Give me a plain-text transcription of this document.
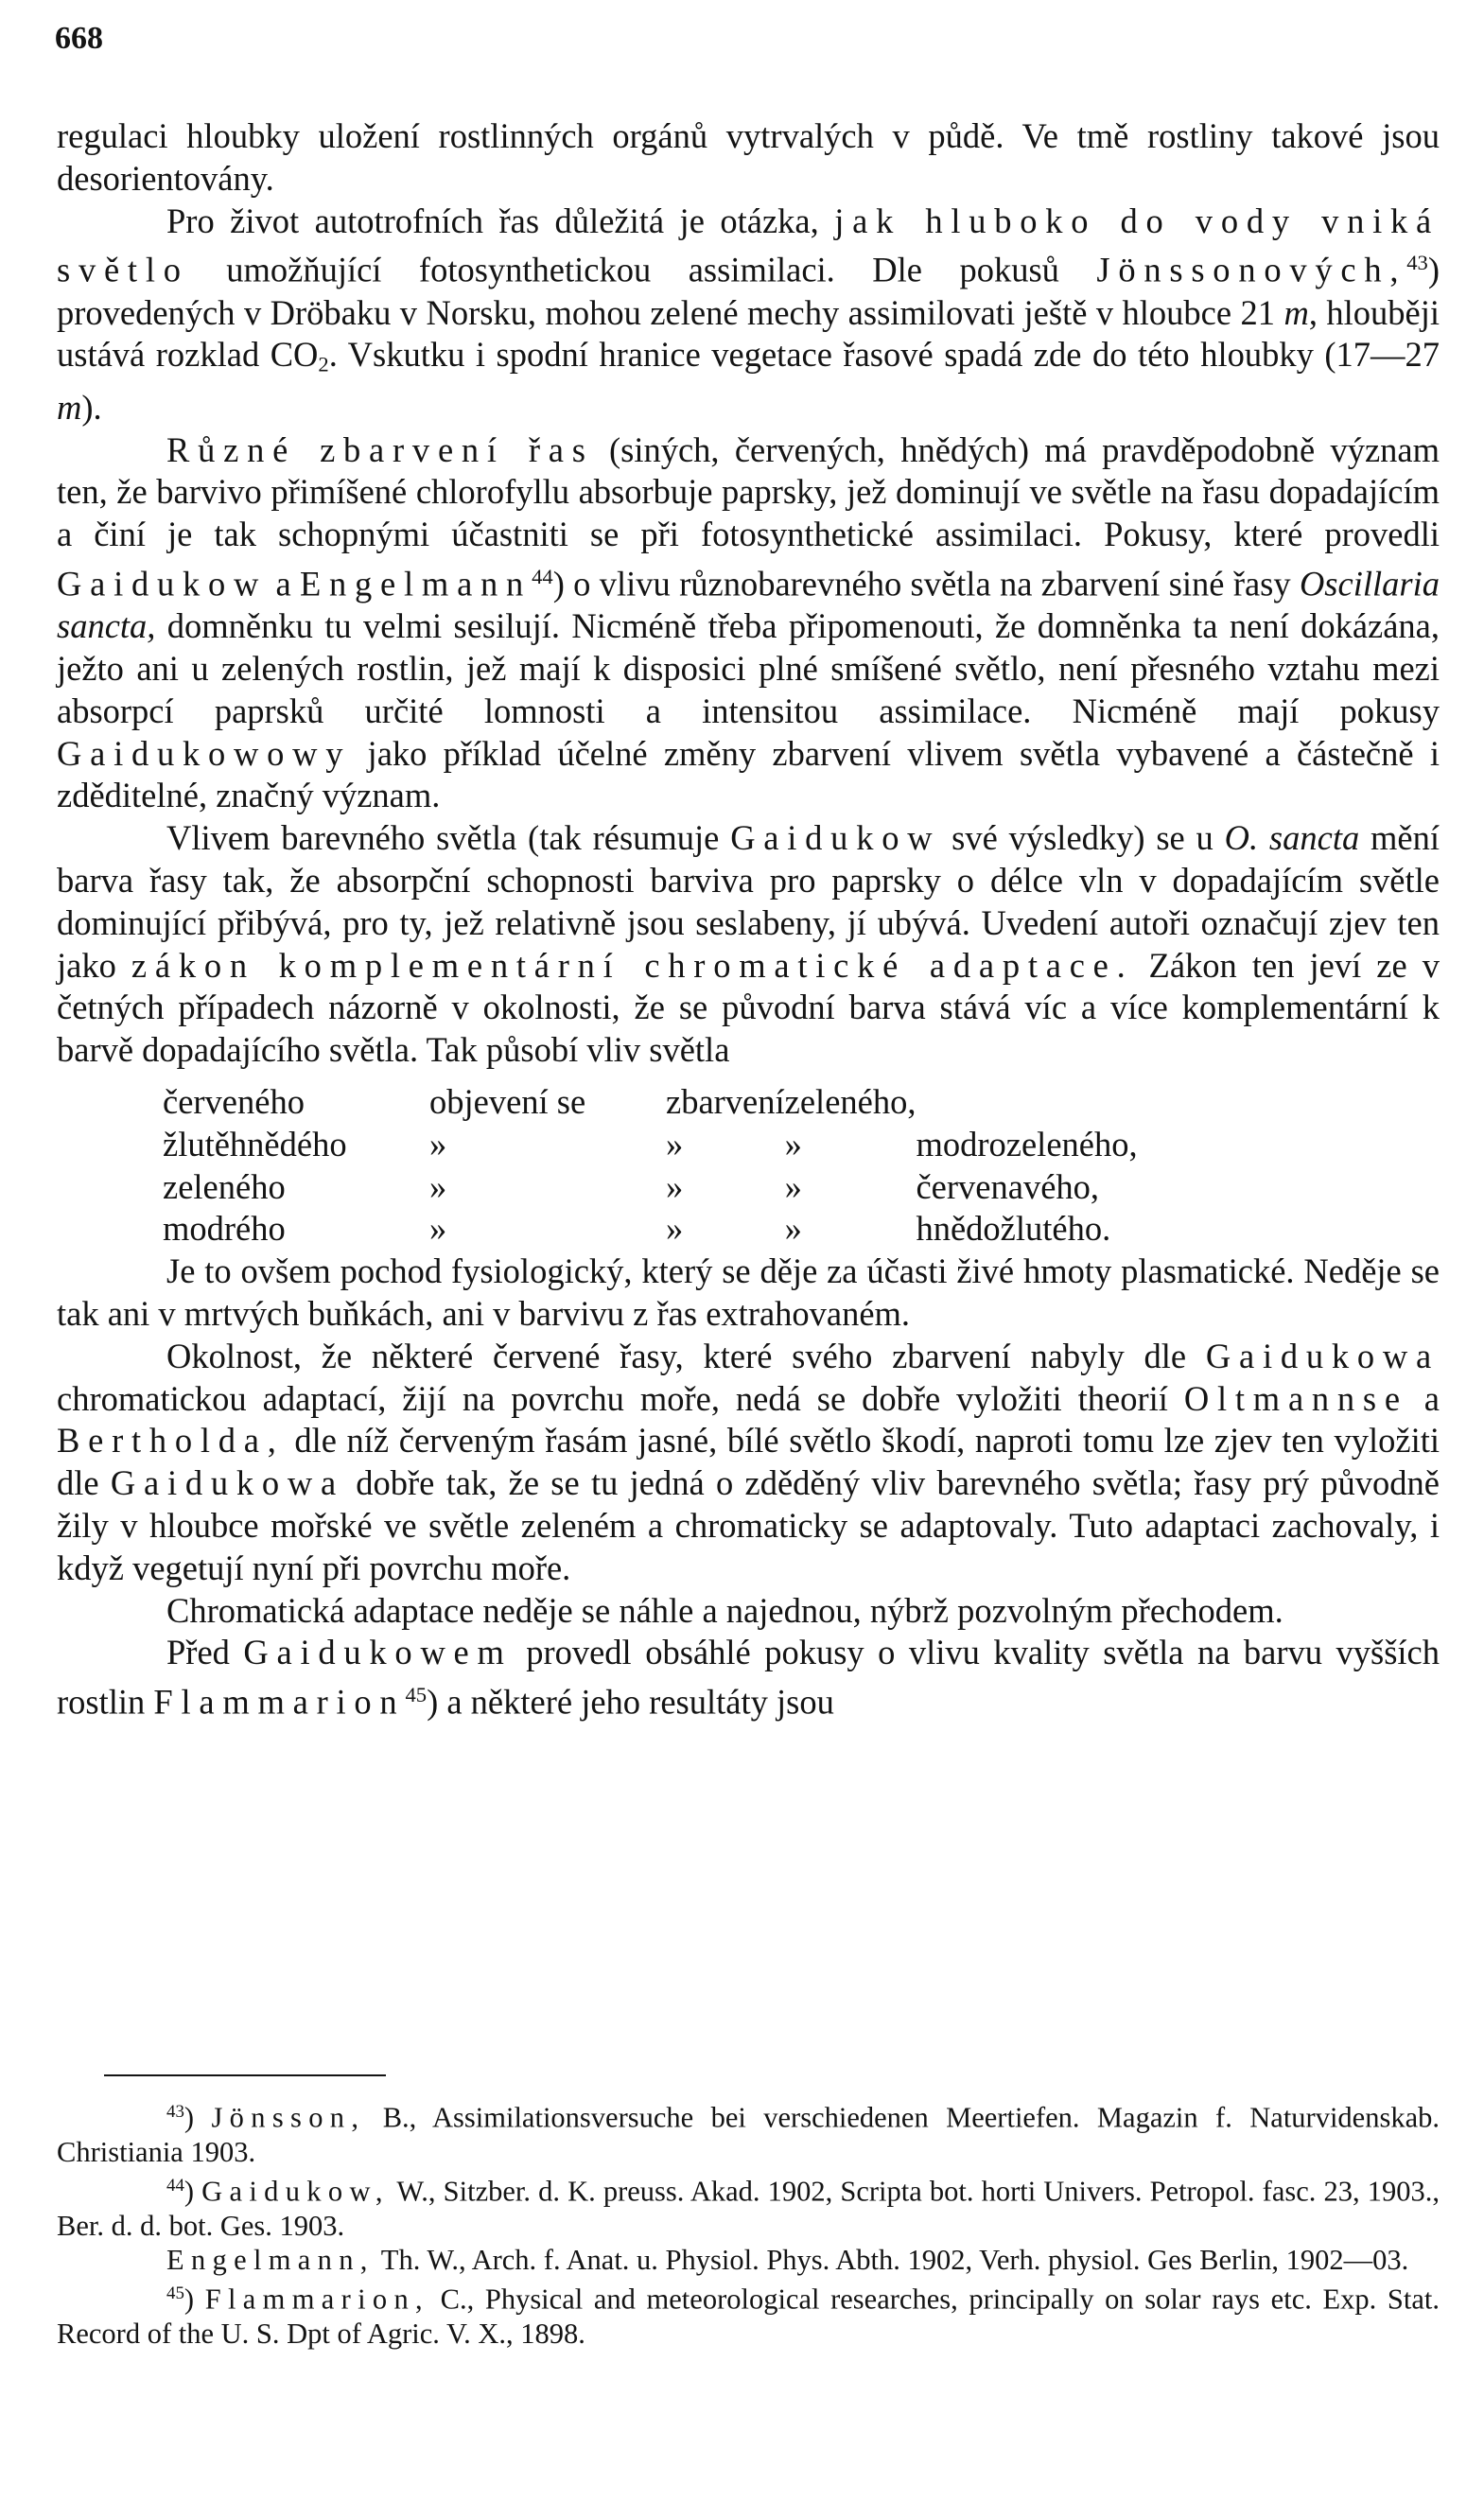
668

regulaci hloubky uložení rostlinných orgánů vytrvalých v půdě. Ve tmě rostliny takové jsou desorientovány.

Pro život autotrofních řas důležitá je otázka, jak hluboko do vody vniká světlo umožňující fotosynthetickou assimilaci. Dle pokusů Jönssonových,$^{43}$) provedených v Dröbaku v Norsku, mohou zelené mechy assimilovati ještě v hloubce 21 m, hlouběji ustává rozklad $CO_2$. Vskutku i spodní hranice vegetace řasové spadá zde do této hloubky (17—27 m).

Různé zbarvení řas (siných, červených, hnědých) má pravděpodobně význam ten, že barvivo přimíšené chlorofyllu absorbuje paprsky, jež dominují ve světle na řasu dopadajícím a činí je tak schopnými účastniti se při fotosynthetické assimilaci. Pokusy, které provedli Gaidukow a Engelmann$^{44}$) o vlivu různobarevného světla na zbarvení siné řasy Oscillaria sancta, domněnku tu velmi sesilují. Nicméně třeba připomenouti, že domněnka ta není dokázána, ježto ani u zelených rostlin, jež mají k disposici plné smíšené světlo, není přesného vztahu mezi absorpcí paprsků určité lomnosti a intensitou assimilace. Nicméně mají pokusy Gaidukowowy jako příklad účelné změny zbarvení vlivem světla vybavené a částečně i zděditelné, značný význam.

Vlivem barevného světla (tak résumuje Gaidukow své výsledky) se u O. sancta mění barva řasy tak, že absorpční schopnosti barviva pro paprsky o délce vln v dopadajícím světle dominující přibývá, pro ty, jež relativně jsou seslabeny, jí ubývá. Uvedení autoři označují zjev ten jako zákon komplementární chromatické adaptace. Zákon ten jeví ze v četných případech názorně v okolnosti, že se původní barva stává víc a více komplementární k barvě dopadajícího světla. Tak působí vliv světla

červeného	objevení se	zbarvení	zeleného,	
žlutěhnědého	»	»	»	modrozeleného,
zeleného	»	»	»	červenavého,
modrého	»	»	»	hnědožlutého.

Je to ovšem pochod fysiologický, který se děje za účasti živé hmoty plasmatické. Neděje se tak ani v mrtvých buňkách, ani v barvivu z řas extrahovaném.

Okolnost, že některé červené řasy, které svého zbarvení nabyly dle Gaidukowa chromatickou adaptací, žijí na povrchu moře, nedá se dobře vyložiti theorií Oltmannse a Bertholda, dle níž červeným řasám jasné, bílé světlo škodí, naproti tomu lze zjev ten vyložiti dle Gaidukowa dobře tak, že se tu jedná o zděděný vliv barevného světla; řasy prý původně žily v hloubce mořské ve světle zeleném a chromaticky se adaptovaly. Tuto adaptaci zachovaly, i když vegetují nyní při povrchu moře.

Chromatická adaptace neděje se náhle a najednou, nýbrž pozvolným přechodem.

Před Gaidukowem provedl obsáhlé pokusy o vlivu kvality světla na barvu vyšších rostlin Flammarion$^{45}$) a některé jeho resultáty jsou

$^{43}$) Jönsson, B., Assimilationsversuche bei verschiedenen Meertiefen. Magazin f. Naturvidenskab. Christiania 1903.

$^{44}$) Gaidukow, W., Sitzber. d. K. preuss. Akad. 1902, Scripta bot. horti Univers. Petropol. fasc. 23, 1903., Ber. d. d. bot. Ges. 1903.

Engelmann, Th. W., Arch. f. Anat. u. Physiol. Phys. Abth. 1902, Verh. physiol. Ges Berlin, 1902—03.

$^{45}$) Flammarion, C., Physical and meteorological researches, principally on solar rays etc. Exp. Stat. Record of the U. S. Dpt of Agric. V. X., 1898.
